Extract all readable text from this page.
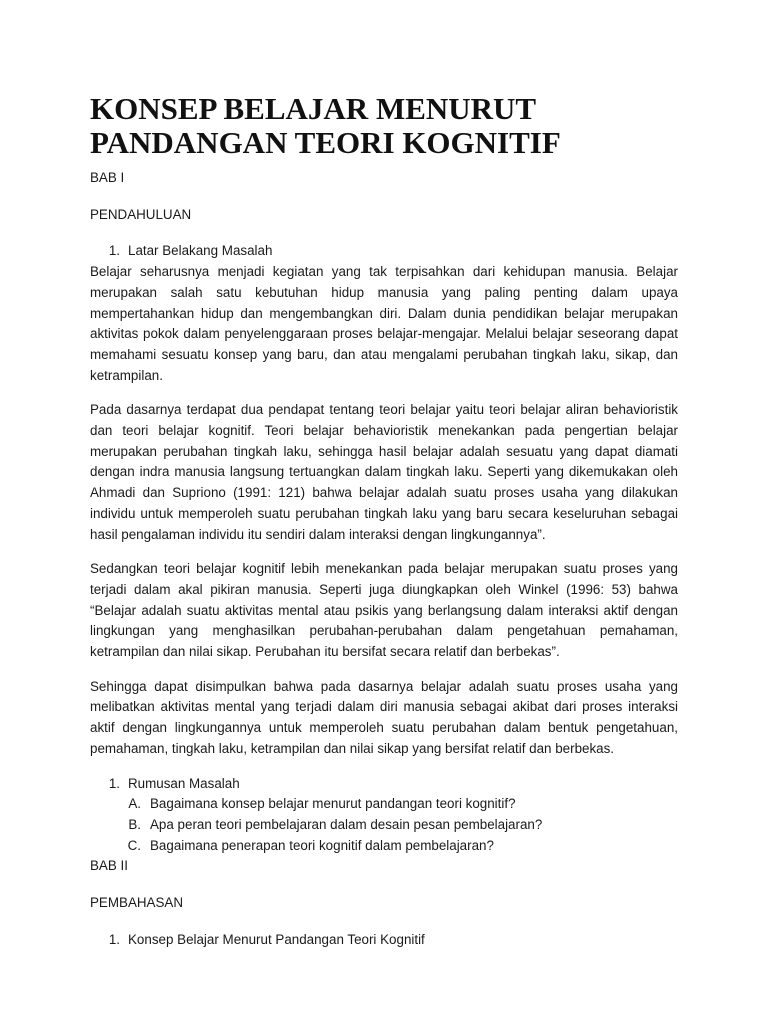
KONSEP BELAJAR MENURUT
PANDANGAN TEORI KOGNITIF
BAB I
PENDAHULUAN
1. Latar Belakang Masalah

Belajar seharusnya menjadi kegiatan yang tak terpisahkan dari kehidupan manusia. Belajar merupakan salah satu kebutuhan hidup manusia yang paling penting dalam upaya mempertahankan hidup dan mengembangkan diri. Dalam dunia pendidikan belajar merupakan aktivitas pokok dalam penyelenggaraan proses belajar-mengajar. Melalui belajar seseorang dapat memahami sesuatu konsep yang baru, dan atau mengalami perubahan tingkah laku, sikap, dan ketrampilan.

Pada dasarnya terdapat dua pendapat tentang teori belajar yaitu teori belajar aliran behavioristik dan teori belajar kognitif. Teori belajar behavioristik menekankan pada pengertian belajar merupakan perubahan tingkah laku, sehingga hasil belajar adalah sesuatu yang dapat diamati dengan indra manusia langsung tertuangkan dalam tingkah laku. Seperti yang dikemukakan oleh Ahmadi dan Supriono (1991: 121) bahwa belajar adalah suatu proses usaha yang dilakukan individu untuk memperoleh suatu perubahan tingkah laku yang baru secara keseluruhan sebagai hasil pengalaman individu itu sendiri dalam interaksi dengan lingkungannya”.

Sedangkan teori belajar kognitif lebih menekankan pada belajar merupakan suatu proses yang terjadi dalam akal pikiran manusia. Seperti juga diungkapkan oleh Winkel (1996: 53) bahwa “Belajar adalah suatu aktivitas mental atau psikis yang berlangsung dalam interaksi aktif dengan lingkungan yang menghasilkan perubahan-perubahan dalam pengetahuan pemahaman, ketrampilan dan nilai sikap. Perubahan itu bersifat secara relatif dan berbekas”.

Sehingga dapat disimpulkan bahwa pada dasarnya belajar adalah suatu proses usaha yang melibatkan aktivitas mental yang terjadi dalam diri manusia sebagai akibat dari proses interaksi aktif dengan lingkungannya untuk memperoleh suatu perubahan dalam bentuk pengetahuan, pemahaman, tingkah laku, ketrampilan dan nilai sikap yang bersifat relatif dan berbekas.

1. Rumusan Masalah
A. Bagaimana konsep belajar menurut pandangan teori kognitif?
B. Apa peran teori pembelajaran dalam desain pesan pembelajaran?
C. Bagaimana penerapan teori kognitif dalam pembelajaran?
BAB II
PEMBAHASAN
1. Konsep Belajar Menurut Pandangan Teori Kognitif
